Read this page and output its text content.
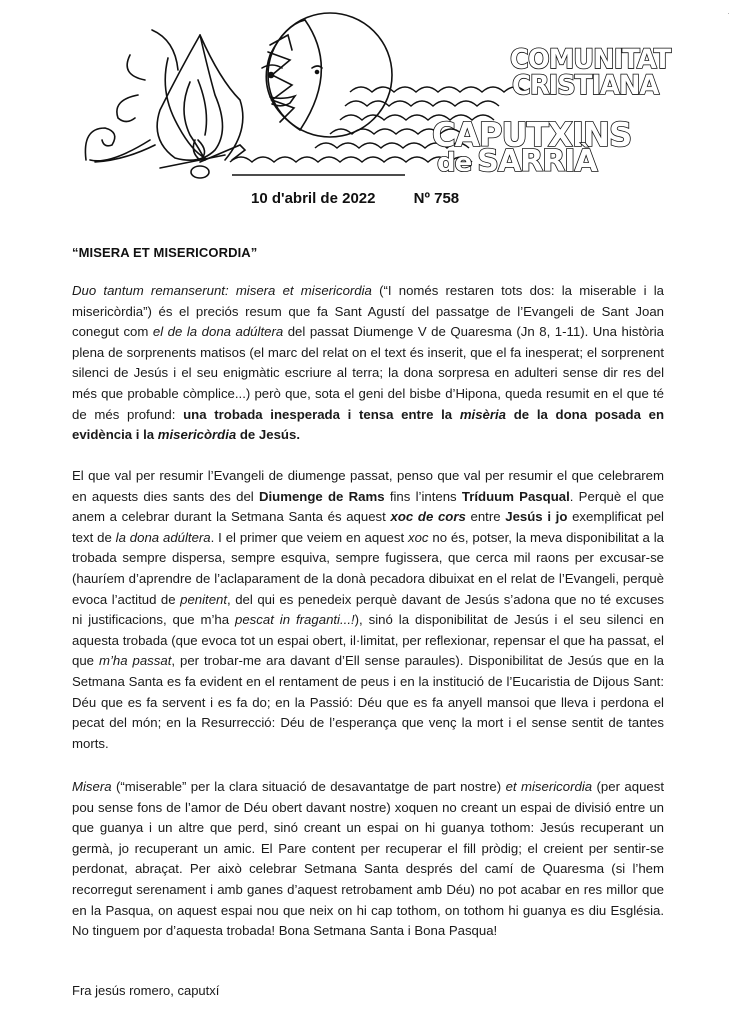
COMUNITAT
CRISTIANA
CAPUTXINS
de SARRIÀ
·
10 d'abril de 2022	Nº 758
“MISERA ET MISERICORDIA”

Duo tantum remanserunt: misera et misericordia (“I només restaren tots dos: la miserable i la misericòrdia”) és el preciós resum que fa Sant Agustí del passatge de l’Evangeli de Sant Joan conegut com el de la dona adúltera del passat Diumenge V de Quaresma (Jn 8, 1-11). Una història plena de sorprenents matisos (el marc del relat on el text és inserit, que el fa inesperat; el sorprenent silenci de Jesús i el seu enigmàtic escriure al terra; la dona sorpresa en adulteri sense dir res del més que probable còmplice...) però que, sota el geni del bisbe d’Hipona, queda resumit en el que té de més profund: una trobada inesperada i tensa entre la misèria de la dona posada en evidència i la misericòrdia de Jesús.

El que val per resumir l’Evangeli de diumenge passat, penso que val per resumir el que celebrarem en aquests dies sants des del Diumenge de Rams fins l’intens Tríduum Pasqual. Perquè el que anem a celebrar durant la Setmana Santa és aquest xoc de cors entre Jesús i jo exemplificat pel text de la dona adúltera. I el primer que veiem en aquest xoc no és, potser, la meva disponibilitat a la trobada sempre dispersa, sempre esquiva, sempre fugissera, que cerca mil raons per excusar-se (hauríem d’aprendre de l’aclaparament de la donà pecadora dibuixat en el relat de l’Evangeli, perquè evoca l’actitud de penitent, del qui es penedeix perquè davant de Jesús s’adona que no té excuses ni justificacions, que m’ha pescat in fraganti...!), sinó la disponibilitat de Jesús i el seu silenci en aquesta trobada (que evoca tot un espai obert, il·limitat, per reflexionar, repensar el que ha passat, el que m’ha passat, per trobar-me ara davant d’Ell sense paraules). Disponibilitat de Jesús que en la Setmana Santa es fa evident en el rentament de peus i en la institució de l’Eucaristia de Dijous Sant: Déu que es fa servent i es fa do; en la Passió: Déu que es fa anyell mansoi que lleva i perdona el pecat del món; en la Resurrecció: Déu de l’esperança que venç la mort i el sense sentit de tantes morts.

Misera (“miserable” per la clara situació de desavantatge de part nostre) et misericordia (per aquest pou sense fons de l’amor de Déu obert davant nostre) xoquen no creant un espai de divisió entre un que guanya i un altre que perd, sinó creant un espai on hi guanya tothom: Jesús recuperant un germà, jo recuperant un amic. El Pare content per recuperar el fill pròdig; el creient per sentir-se perdonat, abraçat. Per això celebrar Setmana Santa després del camí de Quaresma (si l’hem recorregut serenament i amb ganes d’aquest retrobament amb Déu) no pot acabar en res millor que en la Pasqua, on aquest espai nou que neix on hi cap tothom, on tothom hi guanya es diu Església. No tinguem por d’aquesta trobada! Bona Setmana Santa i Bona Pasqua!

Fra jesús romero, caputxí
